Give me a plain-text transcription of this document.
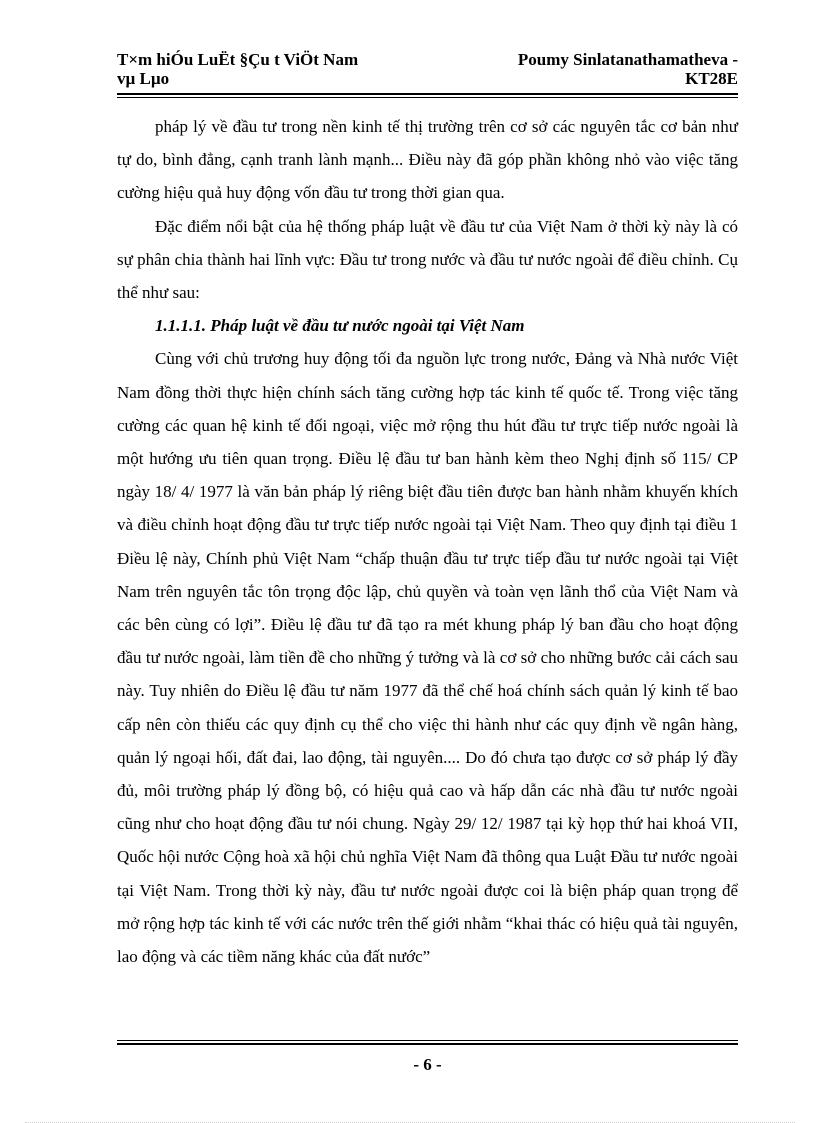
T×m hiÓu LuËt §Çu t ViÖt Nam
vµ Lµo
Poumy Sinlatanathamatheva -
KT28E

pháp lý về đầu tư trong nền kinh tế thị trường trên cơ sở các nguyên tắc cơ bản như tự do, bình đẳng, cạnh tranh lành mạnh... Điều này đã góp phần không nhỏ vào việc tăng cường hiệu quả huy động vốn đầu tư trong thời gian qua.

Đặc điểm nổi bật của hệ thống pháp luật về đầu tư của Việt Nam ở thời kỳ này là có sự phân chia thành hai lĩnh vực: Đầu tư trong nước và đầu tư nước ngoài để điều chỉnh. Cụ thể như sau:

1.1.1.1. Pháp luật về đầu tư nước ngoài tại Việt Nam

Cùng với chủ trương huy động tối đa nguồn lực trong nước, Đảng và Nhà nước Việt Nam đồng thời thực hiện chính sách tăng cường hợp tác kinh tế quốc tế. Trong việc tăng cường các quan hệ kinh tế đối ngoại, việc mở rộng thu hút đầu tư trực tiếp nước ngoài là một hướng ưu tiên quan trọng. Điều lệ đầu tư ban hành kèm theo Nghị định số 115/ CP ngày 18/ 4/ 1977 là văn bản pháp lý riêng biệt đầu tiên được ban hành nhằm khuyến khích và điều chỉnh hoạt động đầu tư trực tiếp nước ngoài tại Việt Nam. Theo quy định tại điều 1 Điều lệ này, Chính phủ Việt Nam “chấp thuận đầu tư trực tiếp đầu tư nước ngoài tại Việt Nam trên nguyên tắc tôn trọng độc lập, chủ quyền và toàn vẹn lãnh thổ của Việt Nam và các bên cùng có lợi”. Điều lệ đầu tư đã tạo ra mét khung pháp lý ban đầu cho hoạt động đầu tư nước ngoài, làm tiền đề cho những ý tưởng và là cơ sở cho những bước cải cách sau này. Tuy nhiên do Điều lệ đầu tư năm 1977 đã thể chế hoá chính sách quản lý kinh tế bao cấp nên còn thiếu các quy định cụ thể cho việc thi hành như các quy định về ngân hàng, quản lý ngoại hối, đất đai, lao động, tài nguyên.... Do đó chưa tạo được cơ sở pháp lý đầy đủ, môi trường pháp lý đồng bộ, có hiệu quả cao và hấp dẫn các nhà đầu tư nước ngoài cũng như cho hoạt động đầu tư nói chung. Ngày 29/ 12/ 1987 tại kỳ họp thứ hai khoá VII, Quốc hội nước Cộng hoà xã hội chủ nghĩa Việt Nam đã thông qua Luật Đầu tư nước ngoài tại Việt Nam. Trong thời kỳ này, đầu tư nước ngoài được coi là biện pháp quan trọng để mở rộng hợp tác kinh tế với các nước trên thế giới nhằm “khai thác có hiệu quả tài nguyên, lao động và các tiềm năng khác của đất nước”

- 6 -
